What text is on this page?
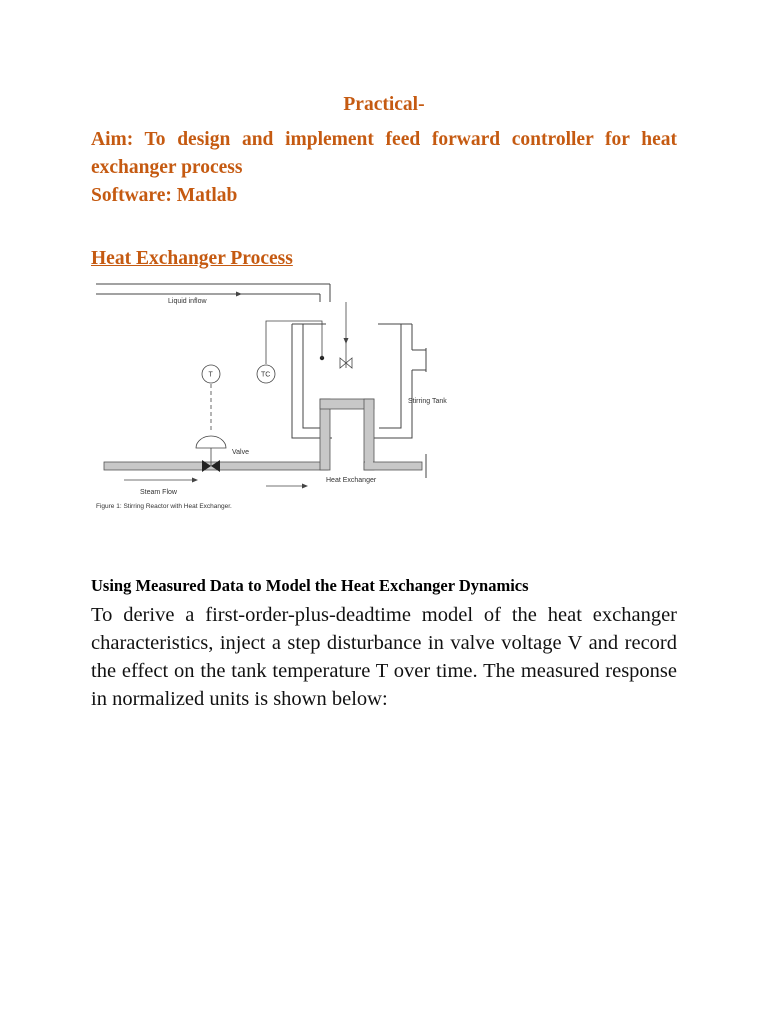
Practical-
Aim: To design and implement feed forward controller for heat exchanger process
Software: Matlab
Heat Exchanger Process
Liquid inflow
TC
T
Valve
Stirring Tank
Heat Exchanger
Steam Flow
Figure 1: Stirring Reactor with Heat Exchanger.
Using Measured Data to Model the Heat Exchanger Dynamics
To derive a first-order-plus-deadtime model of the heat exchanger characteristics, inject a step disturbance in valve voltage V and record the effect on the tank temperature T over time. The measured response in normalized units is shown below:
